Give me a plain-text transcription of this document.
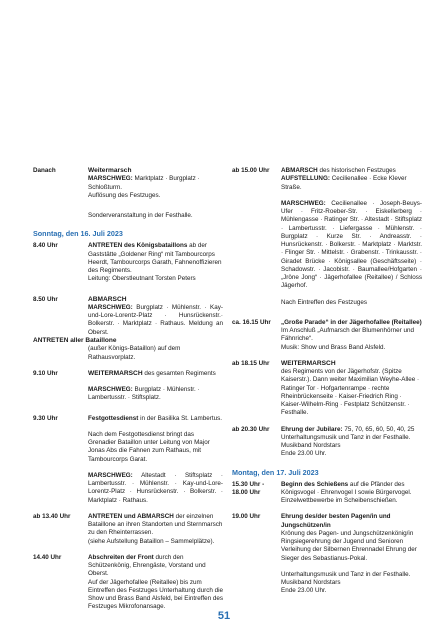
Danach	Weitermarsch
MARSCHWEG: Marktplatz · Burgplatz · Schloßturm.
Auflösung des Festzuges.
Sonderveranstaltung in der Festhalle.
Sonntag, den 16. Juli 2023
8.40 Uhr	ANTRETEN des Königsbataillons ab der Gaststätte „Goldener Ring“ mit Tambourcorps Heerdt, Tambourcorps Garath, Fahnenoffizieren des Regiments.
Leitung: Oberstleutnant Torsten Peters
8.50 Uhr	ABMARSCH
MARSCHWEG: Burgplatz · Mühlenstr. · Kay-und-Lore-Lorentz-Platz · Hunsrückenstr.· Bolkerstr. · Marktplatz · Rathaus. Meldung an Oberst.
ANTRETEN aller Bataillone
(außer Königs-Bataillon) auf dem Rathausvorplatz.
9.10 Uhr	WEITERMARSCH des gesamten Regiments
MARSCHWEG: Burgplatz · Mühlenstr. · Lambertusstr. · Stiftsplatz.
9.30 Uhr	Festgottesdienst in der Basilika St. Lambertus.
Nach dem Festgottesdienst bringt das Grenadier Bataillon unter Leitung von Major Jonas Abs die Fahnen zum Rathaus, mit Tambourcorps Garat.
MARSCHWEG: Altestadt · Stiftsplatz · Lambertusstr. · Mühlenstr. · Kay-und-Lore-Lorentz-Platz · Hunsrückenstr. · Bolkerstr. · Marktplatz · Rathaus.
ab 13.40 Uhr	ANTRETEN und ABMARSCH der einzelnen Bataillone an ihren Standorten und Sternmarsch zu den Rheinterrassen.
(siehe Aufstellung Bataillon – Sammelplätze).
14.40 Uhr	Abschreiten der Front durch den Schützenkönig, Ehrengäste, Vorstand und Oberst.
Auf der Jägerhofallee (Reitallee) bis zum Eintreffen des Festzuges Unterhaltung durch die Show und Brass Band Alsfeld, bei Eintreffen des Festzuges Mikrofonansage.
ab 15.00 Uhr ABMARSCH des historischen Festzuges
AUFSTELLUNG: Cecilienallee · Ecke Klever Straße.
MARSCHWEG: Cecilienallee · Joseph-Beuys-Ufer · Fritz-Roeber-Str. · Eiskellerberg · Mühlengasse · Ratinger Str. · Altestadt · Stiftsplatz · Lambertusstr. · Liefergasse · Mühlenstr. · Burgplatz · Kurze Str. · Andreasstr. · Hunsrückenstr. · Bolkerstr. · Marktplatz · Marktstr. · Flinger Str. · Mittelstr. · Grabenstr. · Trinkausstr. · Giradet Brücke · Königsallee (Geschäftsseite) · Schadowstr. · Jacobistr. · Baumallee/Hofgarten · „Jröne Jong“ · Jägerhofallee (Reitallee) / Schloss Jägerhof.
Nach Eintreffen des Festzuges
ca. 16.15 Uhr „Große Parade“ in der Jägerhofallee (Reitallee)
Im Anschluß „Aufmarsch der Blumenhörner und Fähnriche“.
Musik: Show und Brass Band Alsfeld.
ab 18.15 Uhr WEITERMARSCH
des Regiments von der Jägerhofstr. (Spitze Kaiserstr.). Dann weiter Maximilian Weyhe-Allee · Ratinger Tor · Hofgartenrampe · rechte Rheinbrückenseite · Kaiser-Friedrich Ring · Kaiser-Wilhelm-Ring · Festplatz Schützenstr. · Festhalle.
ab 20.30 Uhr Ehrung der Jubilare: 75, 70, 65, 60, 50, 40, 25
Unterhaltungsmusik und Tanz in der Festhalle. Musikband Nordstars
Ende 23.00 Uhr.
Montag, den 17. Juli 2023
15.30 Uhr -
18.00 Uhr
Beginn des Schießens auf die Pfänder des Königsvogel · Ehrenvogel I sowie Bürgervogel. Einzelwettbewerbe im Scheibenschießen.
19.00 Uhr	Ehrung des/der besten Pagen/in und Jungschützen/in
Krönung des Pagen- und Jungschützenkönig/in Ringsiegerehrung der Jugend und Senioren Verleihung der Silbernen Ehrennadel Ehrung der Sieger des Sebastianus-Pokal.
Unterhaltungsmusik und Tanz in der Festhalle. Musikband Nordstars
Ende 23.00 Uhr.
51
